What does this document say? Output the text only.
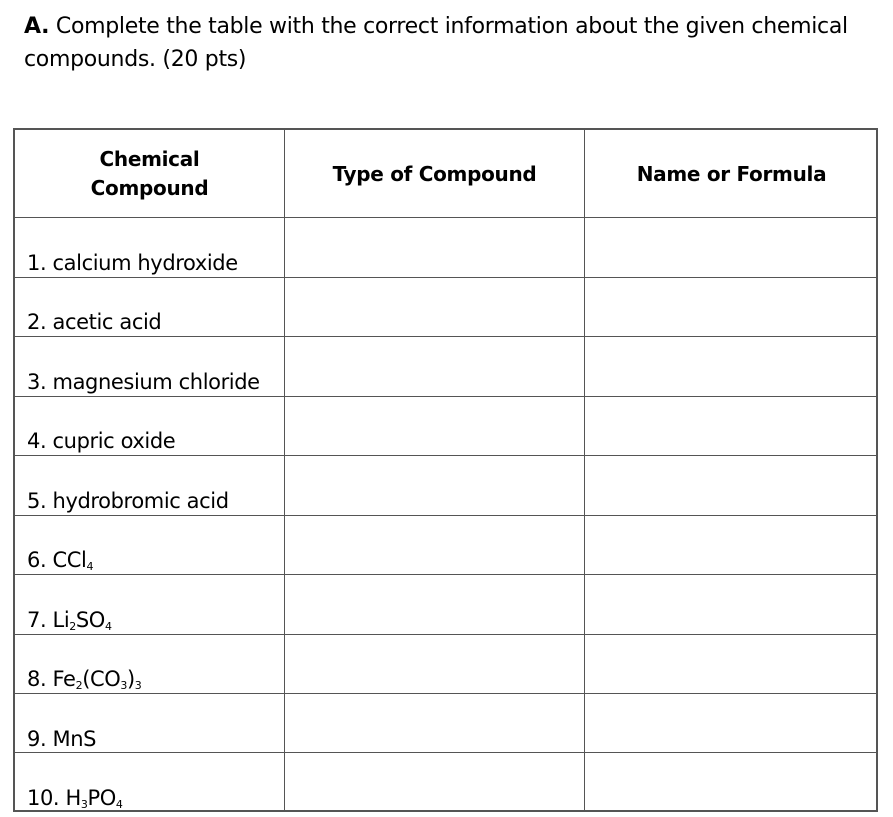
A. Complete the table with the correct information about the given chemical
compounds. (20 pts)
Chemical
Compound
Type of Compound	Name or Formula
1. calcium hydroxide
2. acetic acid
3. magnesium chloride
4. cupric oxide
5. hydrobromic acid
6. CCl$_4$
7. $Li_2SO_4$
8. $Fe_2(CO_3)_3$
9. MnS
10. $H_3PO_4$
